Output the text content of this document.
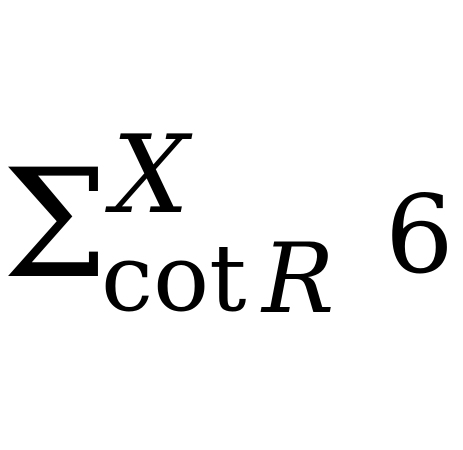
Σ X
cot R 6
